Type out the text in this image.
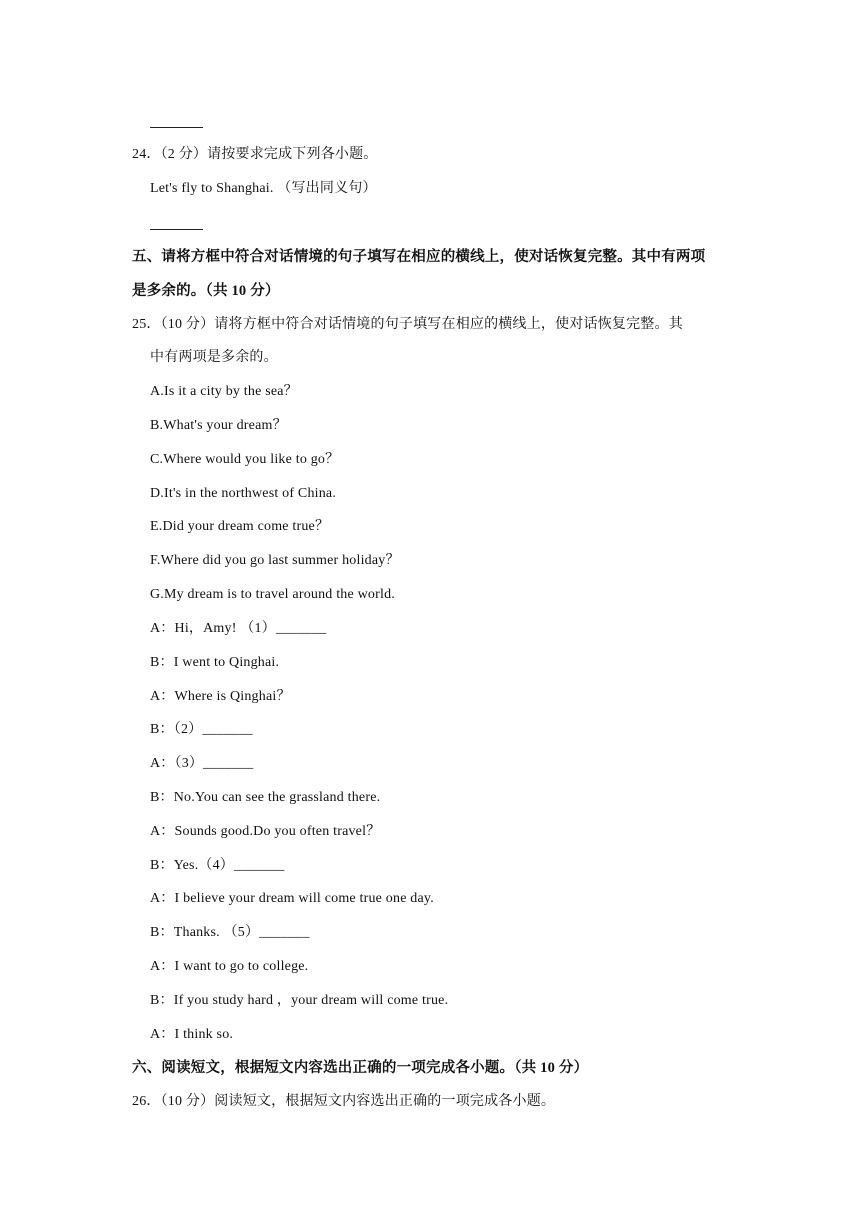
24．（2 分）请按要求完成下列各小题。
Let's fly to Shanghai. （写出同义句）
五、请将方框中符合对话情境的句子填写在相应的横线上，使对话恢复完整。其中有两项
是多余的。（共 10 分）
25．（10 分）请将方框中符合对话情境的句子填写在相应的横线上，使对话恢复完整。其
中有两项是多余的。
A.Is it a city by the sea？
B.What's your dream？
C.Where would you like to go？
D.It's in the northwest of China.
E.Did your dream come true？
F.Where did you go last summer holiday？
G.My dream is to travel around the world.
A：Hi，Amy! （1）_______
B：I went to Qinghai.
A：Where is Qinghai？
B：（2）_______
A：（3）_______
B：No.You can see the grassland there.
A：Sounds good.Do you often travel？
B：Yes.（4）_______
A：I believe your dream will come true one day.
B：Thanks. （5）_______
A：I want to go to college.
B：If you study hard ，your dream will come true.
A：I think so.
六、阅读短文，根据短文内容选出正确的一项完成各小题。（共 10 分）
26．（10 分）阅读短文，根据短文内容选出正确的一项完成各小题。
